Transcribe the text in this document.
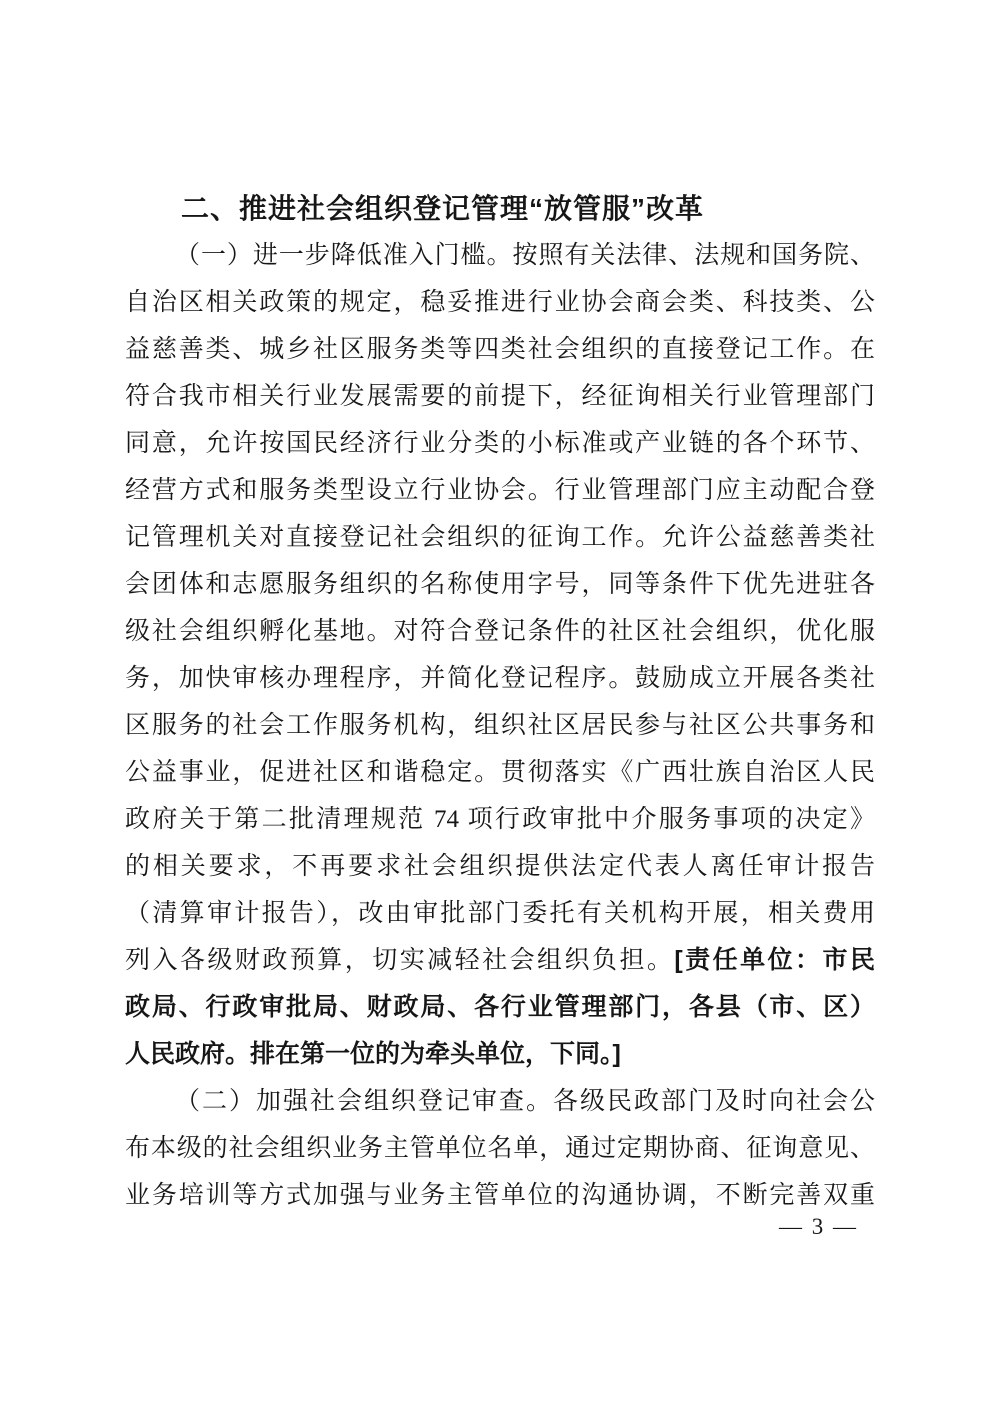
二、推进社会组织登记管理“放管服”改革
（一）进一步降低准入门槛。按照有关法律、法规和国务院、
自治区相关政策的规定，稳妥推进行业协会商会类、科技类、公
益慈善类、城乡社区服务类等四类社会组织的直接登记工作。在
符合我市相关行业发展需要的前提下，经征询相关行业管理部门
同意，允许按国民经济行业分类的小标准或产业链的各个环节、
经营方式和服务类型设立行业协会。行业管理部门应主动配合登
记管理机关对直接登记社会组织的征询工作。允许公益慈善类社
会团体和志愿服务组织的名称使用字号，同等条件下优先进驻各
级社会组织孵化基地。对符合登记条件的社区社会组织，优化服
务，加快审核办理程序，并简化登记程序。鼓励成立开展各类社
区服务的社会工作服务机构，组织社区居民参与社区公共事务和
公益事业，促进社区和谐稳定。贯彻落实《广西壮族自治区人民
政府关于第二批清理规范 74 项行政审批中介服务事项的决定》
的相关要求，不再要求社会组织提供法定代表人离任审计报告
（清算审计报告），改由审批部门委托有关机构开展，相关费用
列入各级财政预算，切实减轻社会组织负担。[责任单位：市民
政局、行政审批局、财政局、各行业管理部门，各县（市、区）
人民政府。排在第一位的为牵头单位，下同。]
（二）加强社会组织登记审查。各级民政部门及时向社会公
布本级的社会组织业务主管单位名单，通过定期协商、征询意见、
业务培训等方式加强与业务主管单位的沟通协调，不断完善双重
— 3 —
